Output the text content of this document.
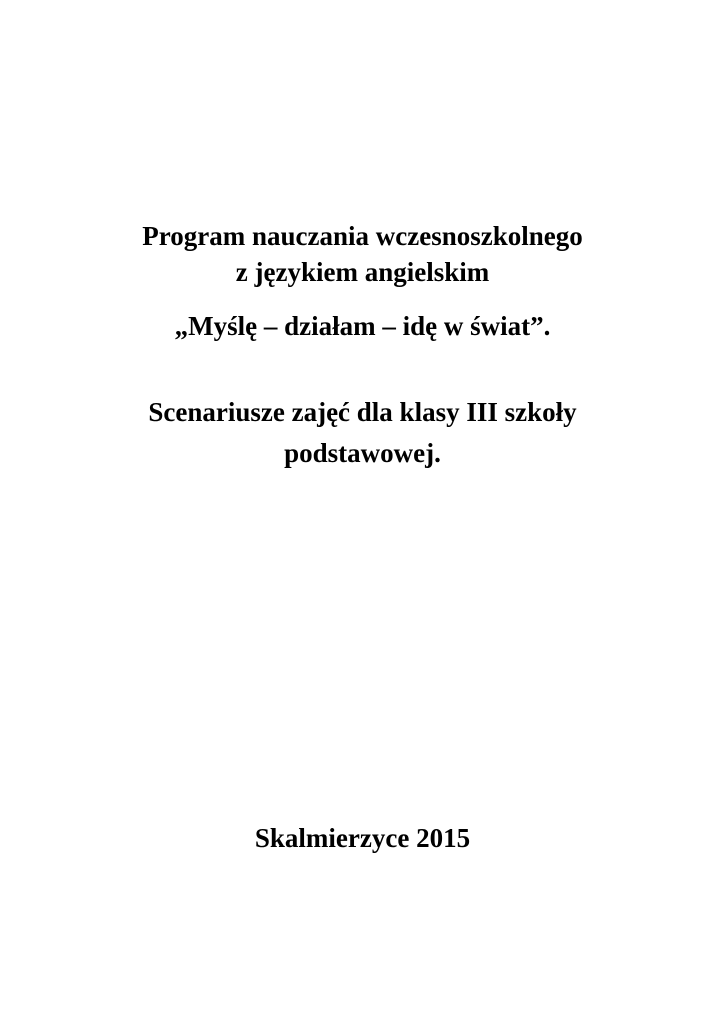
Program nauczania wczesnoszkolnego
z językiem angielskim
„Myślę – działam – idę w świat”.
Scenariusze zajęć dla klasy III szkoły
podstawowej.
Skalmierzyce 2015
